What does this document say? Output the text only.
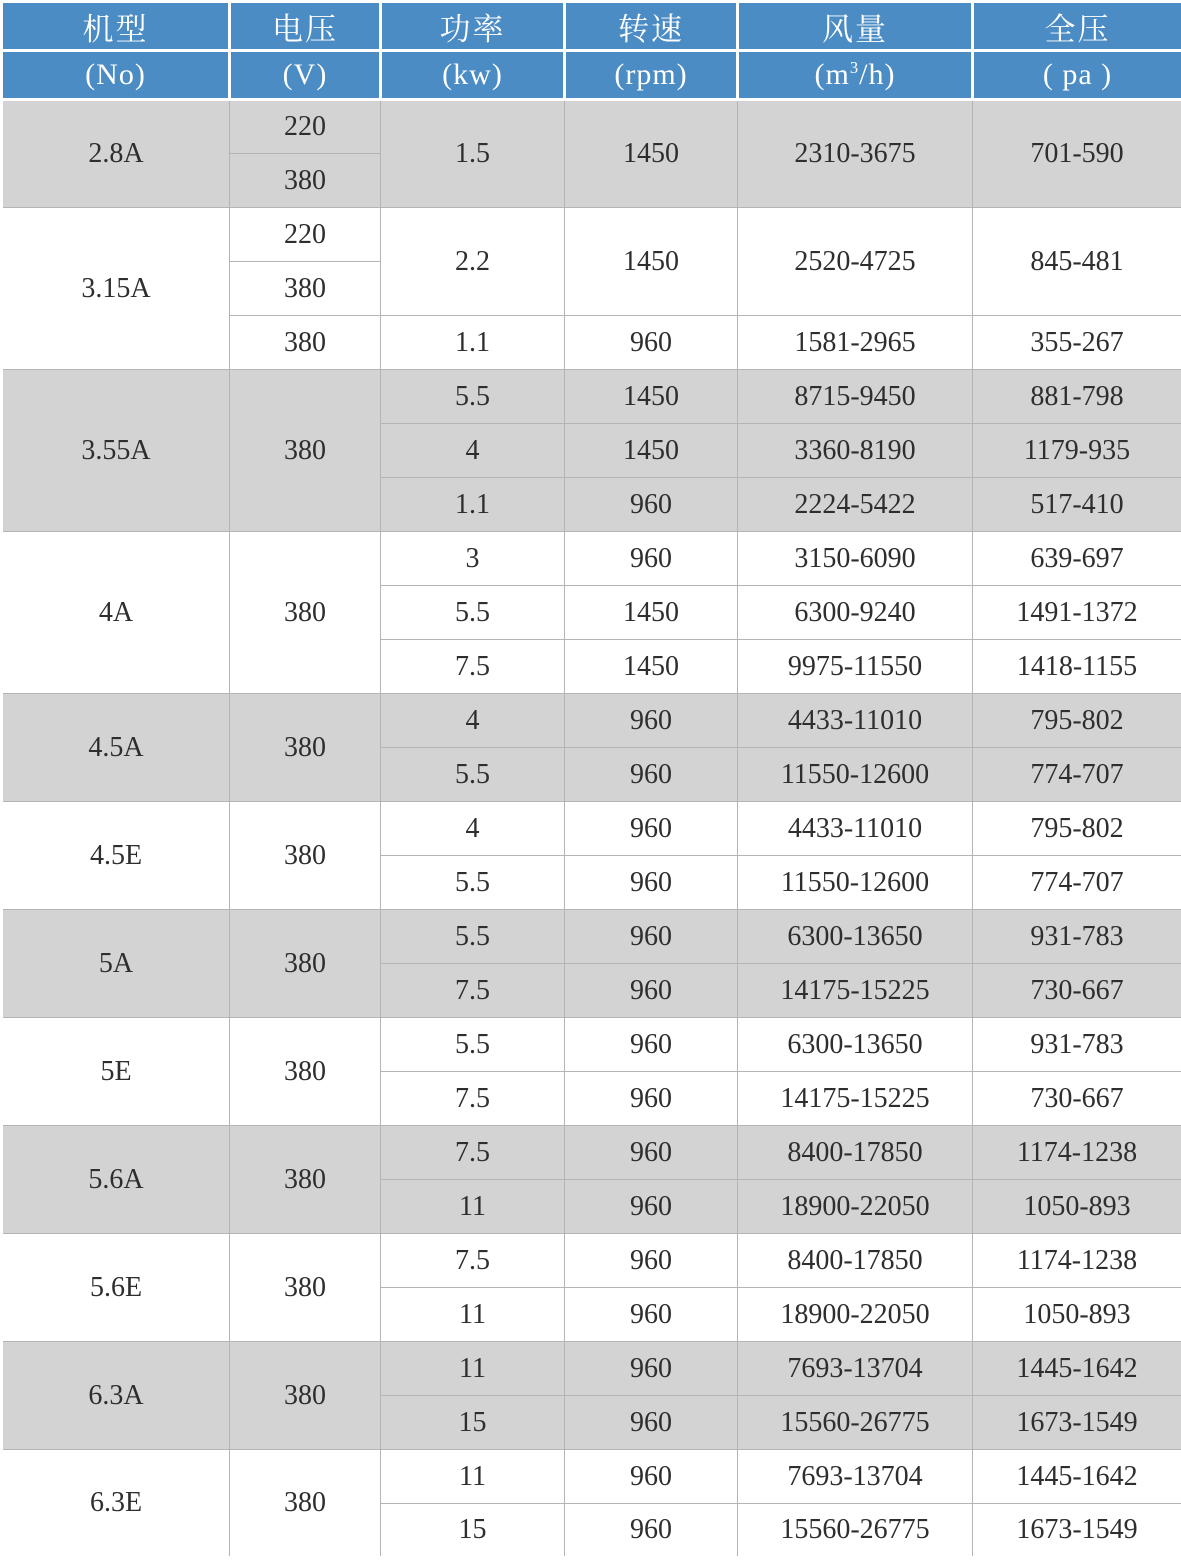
机型	电压	功率	转速	风量	全压
(No)	(V)	(kw)	(rpm)	$(m^3/h)$	( pa )
2.8A	220	1.5	1450	2310-3675	701-590
	380				
3.15A	220	2.2	1450	2520-4725	845-481
	380				
	380	1.1	960	1581-2965	355-267
3.55A	380	5.5	1450	8715-9450	881-798
		4	1450	3360-8190	1179-935
		1.1	960	2224-5422	517-410
4A	380	3	960	3150-6090	639-697
		5.5	1450	6300-9240	1491-1372
		7.5	1450	9975-11550	1418-1155
4.5A	380	4	960	4433-11010	795-802
		5.5	960	11550-12600	774-707
4.5E	380	4	960	4433-11010	795-802
		5.5	960	11550-12600	774-707
5A	380	5.5	960	6300-13650	931-783
		7.5	960	14175-15225	730-667
5E	380	5.5	960	6300-13650	931-783
		7.5	960	14175-15225	730-667
5.6A	380	7.5	960	8400-17850	1174-1238
		11	960	18900-22050	1050-893
5.6E	380	7.5	960	8400-17850	1174-1238
		11	960	18900-22050	1050-893
6.3A	380	11	960	7693-13704	1445-1642
		15	960	15560-26775	1673-1549
6.3E	380	11	960	7693-13704	1445-1642
		15	960	15560-26775	1673-1549
